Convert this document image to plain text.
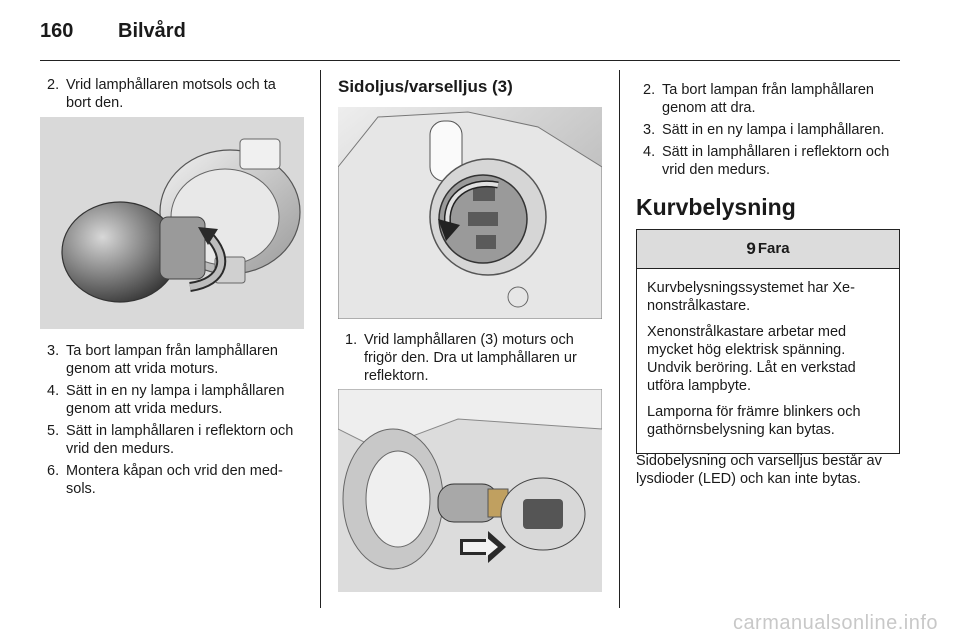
160 Bilvård
2. Vrid lamphållaren motsols och ta bort den.
3. Ta bort lampan från lamphållaren genom att vrida moturs.
4. Sätt in en ny lampa i lamphållaren genom att vrida medurs.
5. Sätt in lamphållaren i reflektorn och vrid den medurs.
6. Montera kåpan och vrid den med-sols.
Sidoljus/varselljus (3)
1. Vrid lamphållaren (3) moturs och frigör den. Dra ut lamphållaren ur reflektorn.
2. Ta bort lampan från lamphållaren genom att dra.
3. Sätt in en ny lampa i lamphållaren.
4. Sätt in lamphållaren i reflektorn och vrid den medurs.
Kurvbelysning
9 Fara

Kurvbelysningssystemet har Xe-nonstrålkastare.

Xenonstrålkastare arbetar med mycket hög elektrisk spänning. Undvik beröring. Låt en verkstad utföra lampbyte.

Lamporna för främre blinkers och gathörnsbelysning kan bytas.

Sidobelysning och varselljus består av lysdioder (LED) och kan inte bytas.

carmanualsonline.info
